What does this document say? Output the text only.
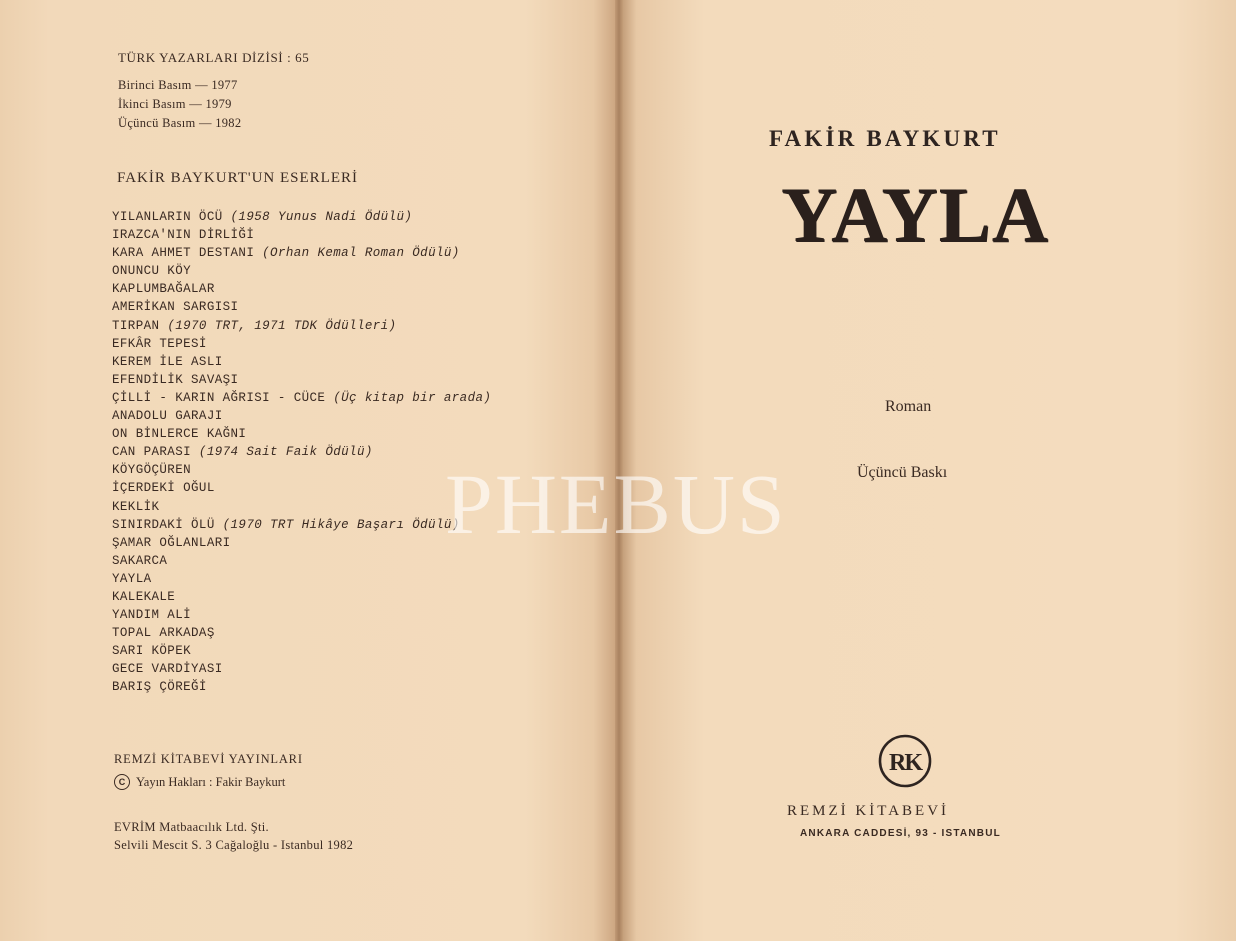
TÜRK YAZARLARI DİZİSİ : 65
Birinci Basım — 1977
İkinci Basım — 1979
Üçüncü Basım — 1982
FAKİR BAYKURT'UN ESERLERİ
YILANLARIN ÖCÜ (1958 Yunus Nadi Ödülü)
IRAZCA'NIN DİRLİĞİ
KARA AHMET DESTANI (Orhan Kemal Roman Ödülü)
ONUNCU KÖY
KAPLUMBAĞALAR
AMERİKAN SARGISI
TIRPAN (1970 TRT, 1971 TDK Ödülleri)
EFKÂR TEPESİ
KEREM İLE ASLI
EFENDİLİK SAVAŞI
ÇİLLİ - KARIN AĞRISI - CÜCE (Üç kitap bir arada)
ANADOLU GARAJI
ON BİNLERCE KAĞNI
CAN PARASI (1974 Sait Faik Ödülü)
KÖYGÖÇÜREN
İÇERDEKİ OĞUL
KEKLİK
SINIRDAKİ ÖLÜ (1970 TRT Hikâye Başarı Ödülü)
ŞAMAR OĞLANLARI
SAKARCA
YAYLA
KALEKALE
YANDIM ALİ
TOPAL ARKADAŞ
SARI KÖPEK
GECE VARDİYASI
BARIŞ ÇÖREĞİ
REMZİ KİTABEVİ YAYINLARI
C Yayın Hakları : Fakir Baykurt
EVRİM Matbaacılık Ltd. Şti.
Selvili Mescit S. 3 Cağaloğlu - Istanbul 1982
FAKİR BAYKURT
YAYLA
Roman
Üçüncü Baskı
RK
REMZİ KİTABEVİ
ANKARA CADDESİ, 93 - ISTANBUL
PHEBUS
